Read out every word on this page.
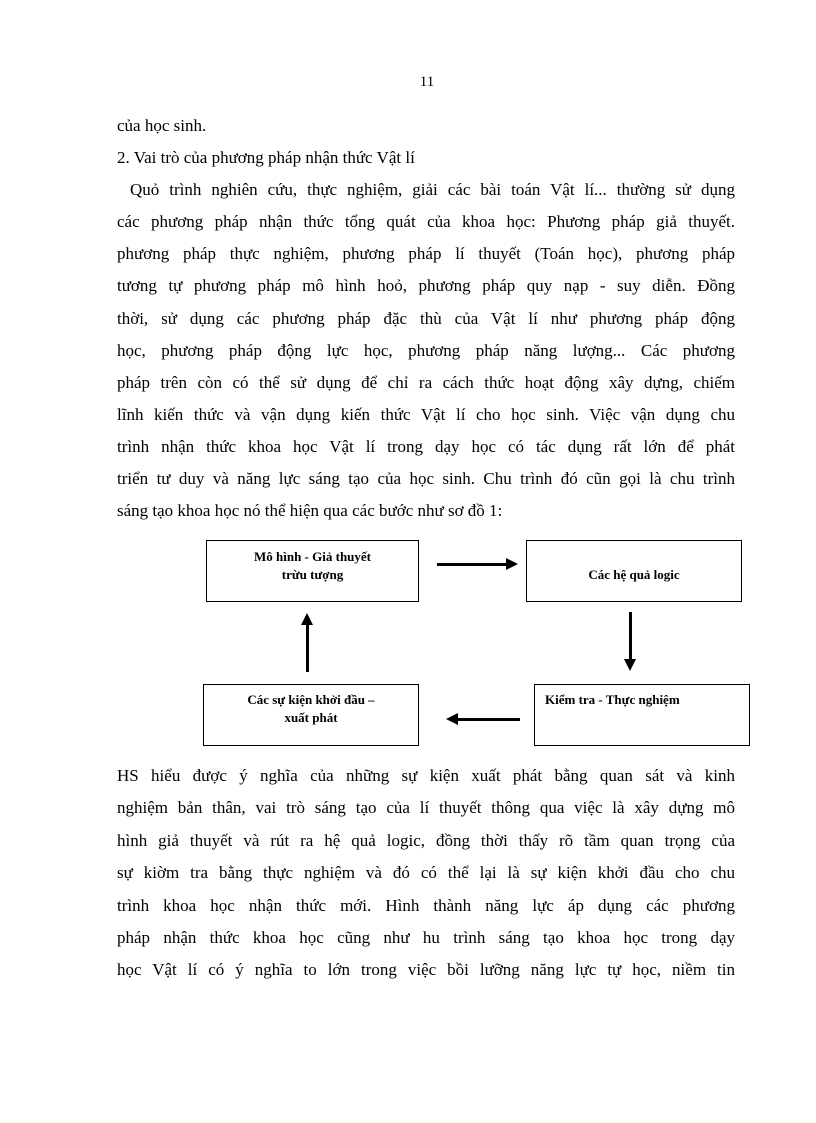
11
của học sinh.
2. Vai trò của phương pháp nhận thức Vật lí
Quỏ trình nghiên cứu, thực nghiệm, giải các bài toán Vật lí... thường sử dụng
các phương pháp nhận thức tổng quát của khoa học: Phương pháp giả thuyết.
phương pháp thực nghiệm, phương pháp lí thuyết (Toán học), phương pháp
tương tự phương pháp mô hình hoỏ, phương pháp quy nạp - suy diễn. Đồng
thời, sử dụng các phương pháp đặc thù của Vật lí như phương pháp động
học, phương pháp động lực học, phương pháp năng lượng... Các phương
pháp trên còn có thể sử dụng để chỉ ra cách thức hoạt động xây dựng, chiếm
lĩnh kiến thức và vận dụng kiến thức Vật lí cho học sinh. Việc vận dụng chu
trình nhận thức khoa học Vật lí trong dạy học có tác dụng rất lớn để phát
triển tư duy và năng lực sáng tạo của học sinh. Chu trình đó cũn gọi là chu trình
sáng tạo khoa học nó thể hiện qua các bước như sơ đồ 1:
Mô hình - Giả thuyết
trừu tượng	Các hệ quả logic
Kiểm tra - Thực nghiệm
Các sự kiện khởi đầu –
xuất phát
HS hiểu được ý nghĩa của những sự kiện xuất phát bằng quan sát và kinh
nghiệm bản thân, vai trò sáng tạo của lí thuyết thông qua việc là xây dựng mô
hình giả thuyết và rút ra hệ quả logic, đồng thời thấy rõ tầm quan trọng của
sự kiờm tra bằng thực nghiệm và đó có thể lại là sự kiện khởi đầu cho chu
trình khoa học nhận thức mới. Hình thành năng lực áp dụng các phương
pháp nhận thức khoa học cũng như hu trình sáng tạo khoa học trong dạy
học Vật lí có ý nghĩa to lớn trong việc bồi lưỡng năng lực tự học, niềm tin
